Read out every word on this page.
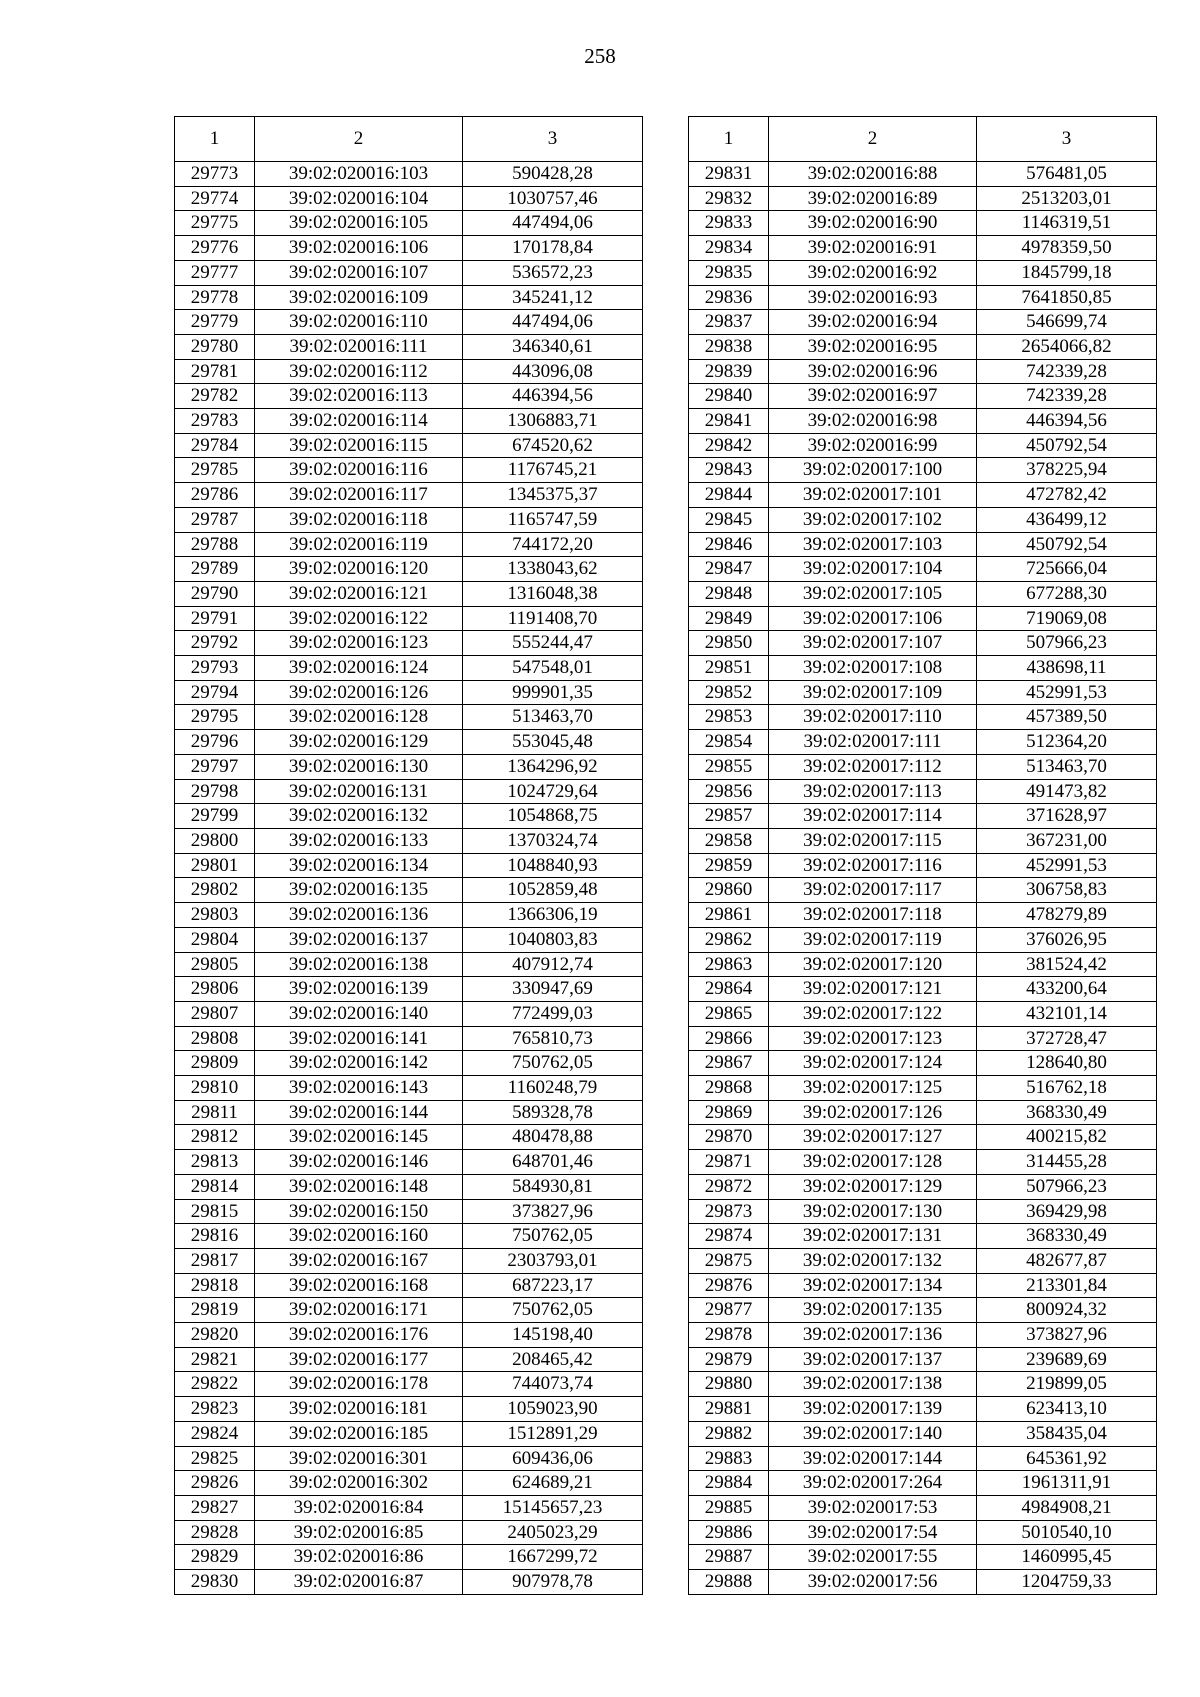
258
1	2	3
29773	39:02:020016:103	590428,28
29774	39:02:020016:104	1030757,46
29775	39:02:020016:105	447494,06
29776	39:02:020016:106	170178,84
29777	39:02:020016:107	536572,23
29778	39:02:020016:109	345241,12
29779	39:02:020016:110	447494,06
29780	39:02:020016:111	346340,61
29781	39:02:020016:112	443096,08
29782	39:02:020016:113	446394,56
29783	39:02:020016:114	1306883,71
29784	39:02:020016:115	674520,62
29785	39:02:020016:116	1176745,21
29786	39:02:020016:117	1345375,37
29787	39:02:020016:118	1165747,59
29788	39:02:020016:119	744172,20
29789	39:02:020016:120	1338043,62
29790	39:02:020016:121	1316048,38
29791	39:02:020016:122	1191408,70
29792	39:02:020016:123	555244,47
29793	39:02:020016:124	547548,01
29794	39:02:020016:126	999901,35
29795	39:02:020016:128	513463,70
29796	39:02:020016:129	553045,48
29797	39:02:020016:130	1364296,92
29798	39:02:020016:131	1024729,64
29799	39:02:020016:132	1054868,75
29800	39:02:020016:133	1370324,74
29801	39:02:020016:134	1048840,93
29802	39:02:020016:135	1052859,48
29803	39:02:020016:136	1366306,19
29804	39:02:020016:137	1040803,83
29805	39:02:020016:138	407912,74
29806	39:02:020016:139	330947,69
29807	39:02:020016:140	772499,03
29808	39:02:020016:141	765810,73
29809	39:02:020016:142	750762,05
29810	39:02:020016:143	1160248,79
29811	39:02:020016:144	589328,78
29812	39:02:020016:145	480478,88
29813	39:02:020016:146	648701,46
29814	39:02:020016:148	584930,81
29815	39:02:020016:150	373827,96
29816	39:02:020016:160	750762,05
29817	39:02:020016:167	2303793,01
29818	39:02:020016:168	687223,17
29819	39:02:020016:171	750762,05
29820	39:02:020016:176	145198,40
29821	39:02:020016:177	208465,42
29822	39:02:020016:178	744073,74
29823	39:02:020016:181	1059023,90
29824	39:02:020016:185	1512891,29
29825	39:02:020016:301	609436,06
29826	39:02:020016:302	624689,21
29827	39:02:020016:84	15145657,23
29828	39:02:020016:85	2405023,29
29829	39:02:020016:86	1667299,72
29830	39:02:020016:87	907978,78
1	2	3
29831	39:02:020016:88	576481,05
29832	39:02:020016:89	2513203,01
29833	39:02:020016:90	1146319,51
29834	39:02:020016:91	4978359,50
29835	39:02:020016:92	1845799,18
29836	39:02:020016:93	7641850,85
29837	39:02:020016:94	546699,74
29838	39:02:020016:95	2654066,82
29839	39:02:020016:96	742339,28
29840	39:02:020016:97	742339,28
29841	39:02:020016:98	446394,56
29842	39:02:020016:99	450792,54
29843	39:02:020017:100	378225,94
29844	39:02:020017:101	472782,42
29845	39:02:020017:102	436499,12
29846	39:02:020017:103	450792,54
29847	39:02:020017:104	725666,04
29848	39:02:020017:105	677288,30
29849	39:02:020017:106	719069,08
29850	39:02:020017:107	507966,23
29851	39:02:020017:108	438698,11
29852	39:02:020017:109	452991,53
29853	39:02:020017:110	457389,50
29854	39:02:020017:111	512364,20
29855	39:02:020017:112	513463,70
29856	39:02:020017:113	491473,82
29857	39:02:020017:114	371628,97
29858	39:02:020017:115	367231,00
29859	39:02:020017:116	452991,53
29860	39:02:020017:117	306758,83
29861	39:02:020017:118	478279,89
29862	39:02:020017:119	376026,95
29863	39:02:020017:120	381524,42
29864	39:02:020017:121	433200,64
29865	39:02:020017:122	432101,14
29866	39:02:020017:123	372728,47
29867	39:02:020017:124	128640,80
29868	39:02:020017:125	516762,18
29869	39:02:020017:126	368330,49
29870	39:02:020017:127	400215,82
29871	39:02:020017:128	314455,28
29872	39:02:020017:129	507966,23
29873	39:02:020017:130	369429,98
29874	39:02:020017:131	368330,49
29875	39:02:020017:132	482677,87
29876	39:02:020017:134	213301,84
29877	39:02:020017:135	800924,32
29878	39:02:020017:136	373827,96
29879	39:02:020017:137	239689,69
29880	39:02:020017:138	219899,05
29881	39:02:020017:139	623413,10
29882	39:02:020017:140	358435,04
29883	39:02:020017:144	645361,92
29884	39:02:020017:264	1961311,91
29885	39:02:020017:53	4984908,21
29886	39:02:020017:54	5010540,10
29887	39:02:020017:55	1460995,45
29888	39:02:020017:56	1204759,33
